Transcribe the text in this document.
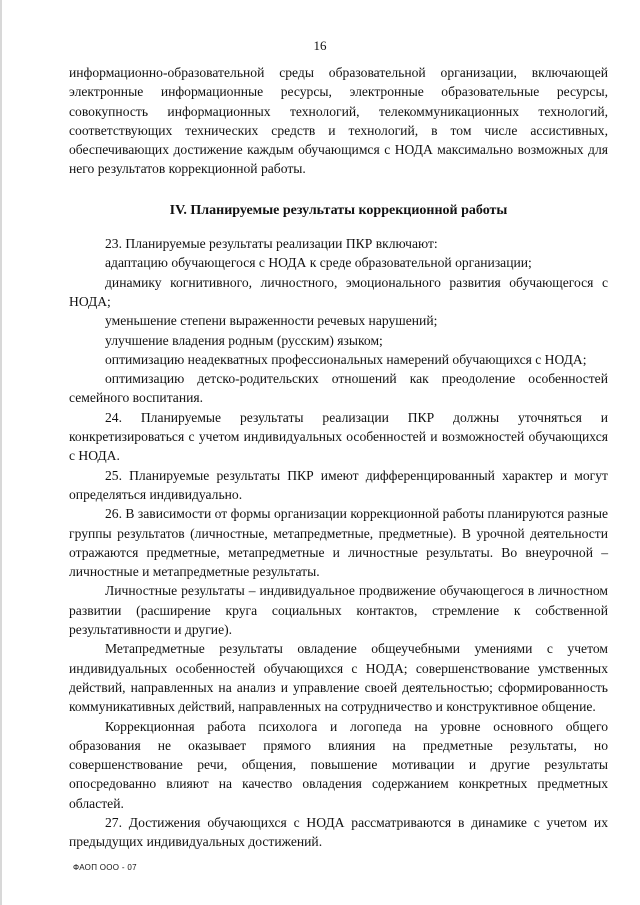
16

информационно-образовательной среды образовательной организации, включающей электронные информационные ресурсы, электронные образовательные ресурсы, совокупность информационных технологий, телекоммуникационных технологий, соответствующих технических средств и технологий, в том числе ассистивных, обеспечивающих достижение каждым обучающимся с НОДА максимально возможных для него результатов коррекционной работы.

IV. Планируемые результаты коррекционной работы

23. Планируемые результаты реализации ПКР включают:

адаптацию обучающегося с НОДА к среде образовательной организации;

динамику когнитивного, личностного, эмоционального развития обучающегося с НОДА;

уменьшение степени выраженности речевых нарушений;

улучшение владения родным (русским) языком;

оптимизацию неадекватных профессиональных намерений обучающихся с НОДА;

оптимизацию детско-родительских отношений как преодоление особенностей семейного воспитания.

24. Планируемые результаты реализации ПКР должны уточняться и конкретизироваться с учетом индивидуальных особенностей и возможностей обучающихся с НОДА.

25. Планируемые результаты ПКР имеют дифференцированный характер и могут определяться индивидуально.

26. В зависимости от формы организации коррекционной работы планируются разные группы результатов (личностные, метапредметные, предметные). В урочной деятельности отражаются предметные, метапредметные и личностные результаты. Во внеурочной – личностные и метапредметные результаты.

Личностные результаты – индивидуальное продвижение обучающегося в личностном развитии (расширение круга социальных контактов, стремление к собственной результативности и другие).

Метапредметные результаты овладение общеучебными умениями с учетом индивидуальных особенностей обучающихся с НОДА; совершенствование умственных действий, направленных на анализ и управление своей деятельностью; сформированность коммуникативных действий, направленных на сотрудничество и конструктивное общение.

Коррекционная работа психолога и логопеда на уровне основного общего образования не оказывает прямого влияния на предметные результаты, но совершенствование речи, общения, повышение мотивации и другие результаты опосредованно влияют на качество овладения содержанием конкретных предметных областей.

27. Достижения обучающихся с НОДА рассматриваются в динамике с учетом их предыдущих индивидуальных достижений.

ФАОП ООО - 07
